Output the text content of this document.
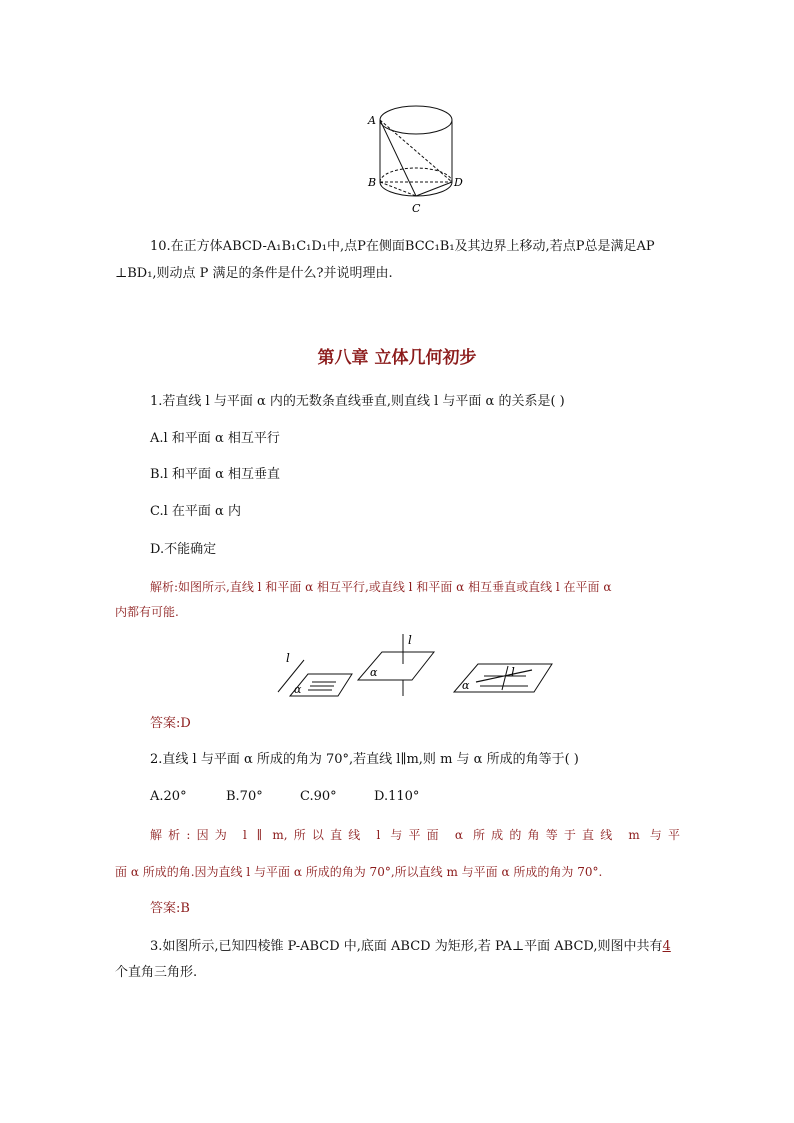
A
B
C
D
10.在正方体ABCD-A₁B₁C₁D₁中,点P在侧面BCC₁B₁及其边界上移动,若点P总是满足AP
⊥BD₁,则动点 P 满足的条件是什么?并说明理由.
第八章 立体几何初步
1.若直线 l 与平面 α 内的无数条直线垂直,则直线 l 与平面 α 的关系是( )
A.l 和平面 α 相互平行
B.l 和平面 α 相互垂直
C.l 在平面 α 内
D.不能确定
解析:如图所示,直线 l 和平面 α 相互平行,或直线 l 和平面 α 相互垂直或直线 l 在平面 α
内都有可能.
l
α
l
α	l
α
答案:D
2.直线 l 与平面 α 所成的角为 70°,若直线 l∥m,则 m 与 α 所成的角等于( )
A.20°	B.70°	C.90°	D.110°
解析:因为 l ∥ m,所以直线 l 与平面 α 所成的角等于直线 m 与平
面 α 所成的角.因为直线 l 与平面 α 所成的角为 70°,所以直线 m 与平面 α 所成的角为 70°.
答案:B
3.如图所示,已知四棱锥 P-ABCD 中,底面 ABCD 为矩形,若 PA⊥平面 ABCD,则图中共有4
个直角三角形.
